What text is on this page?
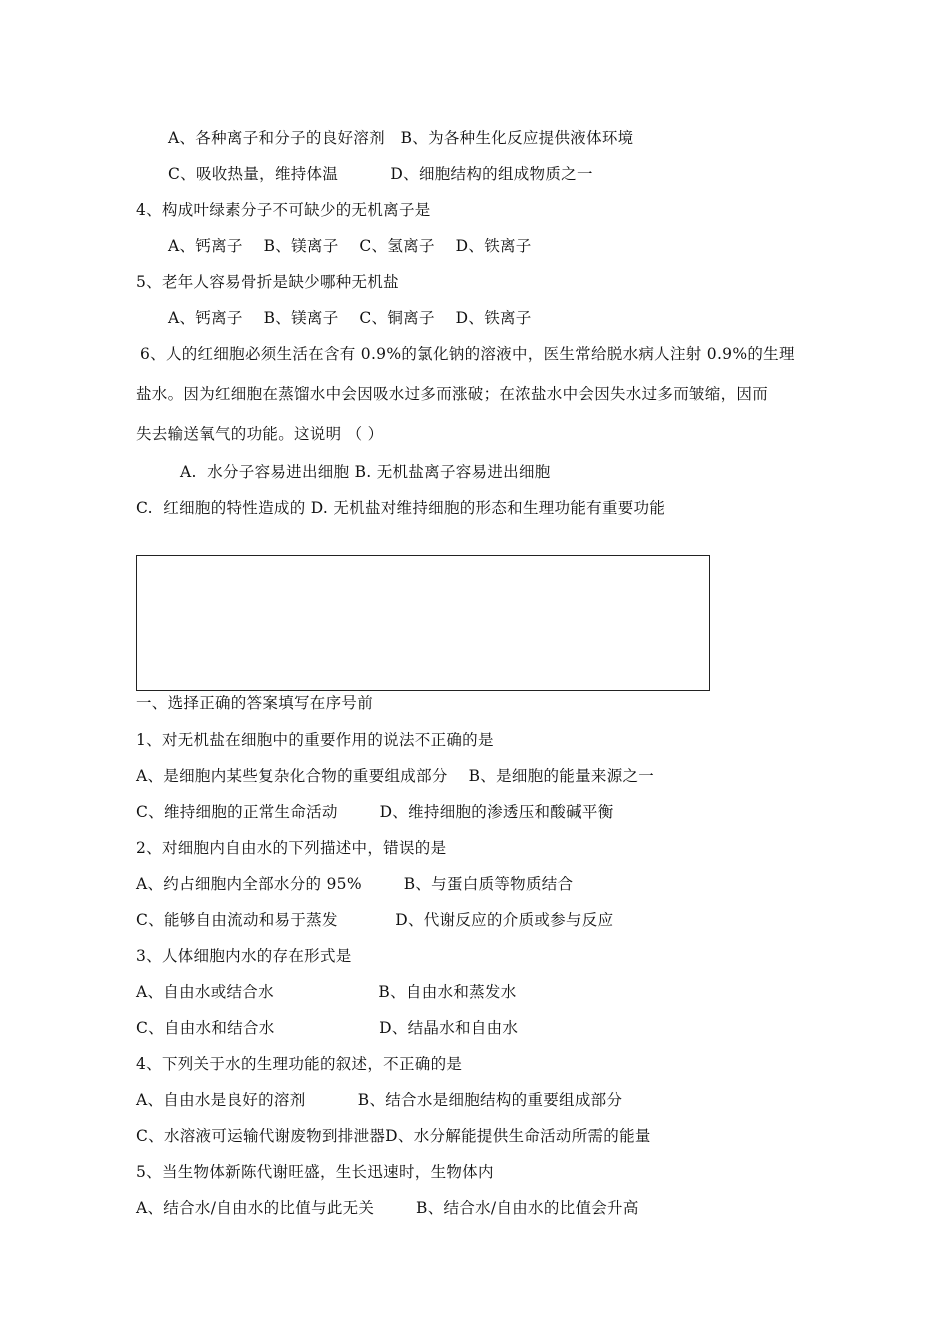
A、各种离子和分子的良好溶剂   B、为各种生化反应提供液体环境
C、吸收热量，维持体温          D、细胞结构的组成物质之一
4、构成叶绿素分子不可缺少的无机离子是
A、钙离子    B、镁离子    C、氢离子    D、铁离子
5、老年人容易骨折是缺少哪种无机盐
A、钙离子    B、镁离子    C、铜离子    D、铁离子
6、人的红细胞必须生活在含有 0.9%的氯化钠的溶液中，医生常给脱水病人注射 0.9%的生理
盐水。因为红细胞在蒸馏水中会因吸水过多而涨破；在浓盐水中会因失水过多而皱缩，因而
失去输送氧气的功能。这说明 （ ）
A.  水分子容易进出细胞 B. 无机盐离子容易进出细胞
C.  红细胞的特性造成的 D. 无机盐对维持细胞的形态和生理功能有重要功能
一、选择正确的答案填写在序号前
1、对无机盐在细胞中的重要作用的说法不正确的是
A、是细胞内某些复杂化合物的重要组成部分    B、是细胞的能量来源之一
C、维持细胞的正常生命活动        D、维持细胞的渗透压和酸碱平衡
2、对细胞内自由水的下列描述中，错误的是
A、约占细胞内全部水分的 95%        B、与蛋白质等物质结合
C、能够自由流动和易于蒸发           D、代谢反应的介质或参与反应
3、人体细胞内水的存在形式是
A、自由水或结合水                    B、自由水和蒸发水
C、自由水和结合水                    D、结晶水和自由水
4、下列关于水的生理功能的叙述，不正确的是
A、自由水是良好的溶剂          B、结合水是细胞结构的重要组成部分
C、水溶液可运输代谢废物到排泄器D、水分解能提供生命活动所需的能量
5、当生物体新陈代谢旺盛，生长迅速时，生物体内
A、结合水/自由水的比值与此无关        B、结合水/自由水的比值会升高
